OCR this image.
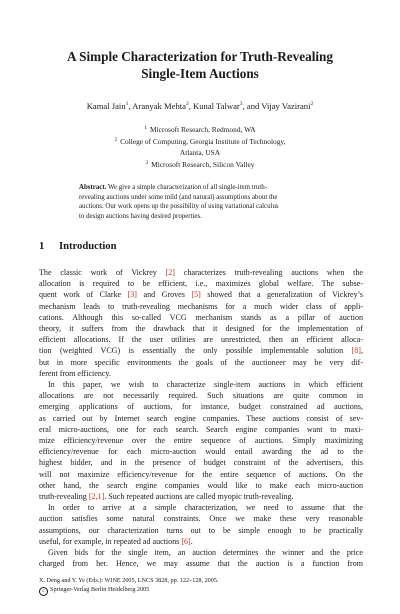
A Simple Characterization for Truth-Revealing
Single-Item Auctions
Kamal Jain$^1$, Aranyak Mehta$^2$, Kunal Talwar$^3$, and Vijay Vazirani$^2$
$^1$ Microsoft Research, Redmond, WA
$^2$ College of Computing, Georgia Institute of Technology,
Atlanta, USA
$^3$ Microsoft Research, Silicon Valley
Abstract. We give a simple characterization of all single-item truth-
revealing auctions under some mild (and natural) assumptions about the
auctions. Our work opens up the possibility of using variational calculus
to design auctions having desired properties.
1 Introduction
The classic work of Vickrey [2] characterizes truth-revealing auctions when the
allocation is required to be efficient, i.e., maximizes global welfare. The subse-
quent work of Clarke [3] and Groves [5] showed that a generalization of Vickrey’s
mechanism leads to truth-revealing mechanisms for a much wider class of appli-
cations. Although this so-called VCG mechanism stands as a pillar of auction
theory, it suffers from the drawback that it designed for the implementation of
efficient allocations. If the user utilities are unrestricted, then an efficient alloca-
tion (weighted VCG) is essentially the only possible implementable solution [8],
but in more specific environments the goals of the auctioneer may be very dif-
ferent from efficiency.
In this paper, we wish to characterize single-item auctions in which efficient
allocations are not necessarily required. Such situations are quite common in
emerging applications of auctions, for instance, budget constrained ad auctions,
as carried out by Internet search engine companies. These auctions consist of sev-
eral micro-auctions, one for each search. Search engine companies want to maxi-
mize efficiency/revenue over the entire sequence of auctions. Simply maximizing
efficiency/revenue for each micro-auction would entail awarding the ad to the
highest bidder, and in the presence of budget constraint of the advertisers, this
will not maximize efficiency/revenue for the entire sequence of auctions. On the
other hand, the search engine companies would like to make each micro-auction
truth-revealing [2,1]. Such repeated auctions are called myopic truth-revealing.
In order to arrive at a simple characterization, we need to assume that the
auction satisfies some natural constraints. Once we make these very reasonable
assumptions, our characterization turns out to be simple enough to be practically
useful, for example, in repeated ad auctions [6].
Given bids for the single item, an auction determines the winner and the price
charged from her. Hence, we may assume that the auction is a function from
X. Deng and Y. Ye (Eds.): WINE 2005, LNCS 3828, pp. 122–128, 2005.
c Springer-Verlag Berlin Heidelberg 2005
